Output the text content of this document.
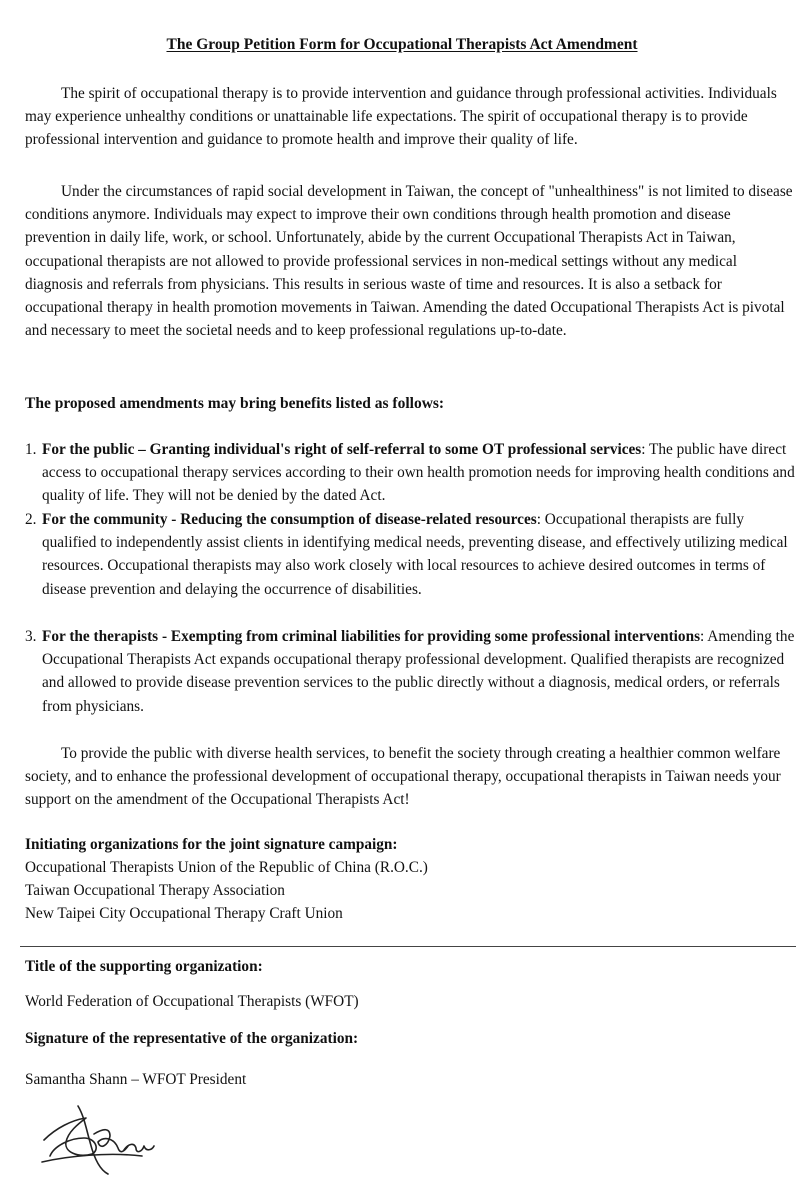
The Group Petition Form for Occupational Therapists Act Amendment

The spirit of occupational therapy is to provide intervention and guidance through professional activities. Individuals may experience unhealthy conditions or unattainable life expectations. The spirit of occupational therapy is to provide professional intervention and guidance to promote health and improve their quality of life.

Under the circumstances of rapid social development in Taiwan, the concept of "unhealthiness" is not limited to disease conditions anymore. Individuals may expect to improve their own conditions through health promotion and disease prevention in daily life, work, or school. Unfortunately, abide by the current Occupational Therapists Act in Taiwan, occupational therapists are not allowed to provide professional services in non-medical settings without any medical diagnosis and referrals from physicians. This results in serious waste of time and resources. It is also a setback for occupational therapy in health promotion movements in Taiwan. Amending the dated Occupational Therapists Act is pivotal and necessary to meet the societal needs and to keep professional regulations up-to-date.

The proposed amendments may bring benefits listed as follows:

1. For the public – Granting individual's right of self-referral to some OT professional services: The public have direct access to occupational therapy services according to their own health promotion needs for improving health conditions and quality of life. They will not be denied by the dated Act.
2. For the community - Reducing the consumption of disease-related resources: Occupational therapists are fully qualified to independently assist clients in identifying medical needs, preventing disease, and effectively utilizing medical resources. Occupational therapists may also work closely with local resources to achieve desired outcomes in terms of disease prevention and delaying the occurrence of disabilities.
3. For the therapists - Exempting from criminal liabilities for providing some professional interventions: Amending the Occupational Therapists Act expands occupational therapy professional development. Qualified therapists are recognized and allowed to provide disease prevention services to the public directly without a diagnosis, medical orders, or referrals from physicians.

To provide the public with diverse health services, to benefit the society through creating a healthier common welfare society, and to enhance the professional development of occupational therapy, occupational therapists in Taiwan needs your support on the amendment of the Occupational Therapists Act!

Initiating organizations for the joint signature campaign:

Occupational Therapists Union of the Republic of China (R.O.C.)

Taiwan Occupational Therapy Association

New Taipei City Occupational Therapy Craft Union

Title of the supporting organization:

World Federation of Occupational Therapists (WFOT)

Signature of the representative of the organization:

Samantha Shann – WFOT President
